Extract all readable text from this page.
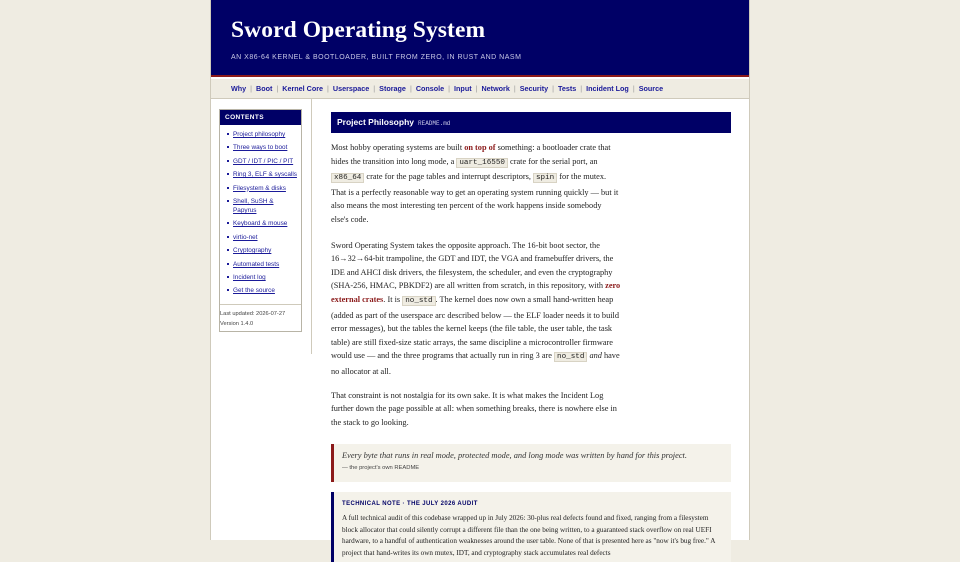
Sword Operating System
AN X86-64 KERNEL & BOOTLOADER, BUILT FROM ZERO, IN RUST AND NASM
Why | Boot | Kernel Core | Userspace | Storage | Console | Input | Network | Security | Tests | Incident Log | Source
CONTENTS
Project philosophy
Three ways to boot
GDT / IDT / PIC / PIT
Ring 3, ELF & syscalls
Filesystem & disks
Shell, SuSH & Papyrus
Keyboard & mouse
virtio-net
Cryptography
Automated tests
Incident log
Get the source
Last updated: 2026-07-27
Version 1.4.0
Project Philosophy README.md

Most hobby operating systems are built on top of something: a bootloader crate that hides the transition into long mode, a uart_16550 crate for the serial port, an x86_64 crate for the page tables and interrupt descriptors, spin for the mutex. That is a perfectly reasonable way to get an operating system running quickly — but it also means the most interesting ten percent of the work happens inside somebody else's code.

Sword Operating System takes the opposite approach. The 16-bit boot sector, the 16→32→64-bit trampoline, the GDT and IDT, the VGA and framebuffer drivers, the IDE and AHCI disk drivers, the filesystem, the scheduler, and even the cryptography (SHA-256, HMAC, PBKDF2) are all written from scratch, in this repository, with zero external crates. It is no_std . The kernel does now own a small hand-written heap (added as part of the userspace arc described below — the ELF loader needs it to build error messages), but the tables the kernel keeps (the file table, the user table, the task table) are still fixed-size static arrays, the same discipline a microcontroller firmware would use — and the three programs that actually run in ring 3 are no_std and have no allocator at all.

That constraint is not nostalgia for its own sake. It is what makes the Incident Log further down the page possible at all: when something breaks, there is nowhere else in the stack to go looking.

Every byte that runs in real mode, protected mode, and long mode was written by hand for this project.
— the project's own README
TECHNICAL NOTE · THE JULY 2026 AUDIT
A full technical audit of this codebase wrapped up in July 2026: 30-plus real defects found and fixed, ranging from a filesystem block allocator that could silently corrupt a different file than the one being written, to a guaranteed stack overflow on real UEFI hardware, to a handful of authentication weaknesses around the user table. None of that is presented here as "now it's bug free." A project that hand-writes its own mutex, IDT, and cryptography stack accumulates real defects
